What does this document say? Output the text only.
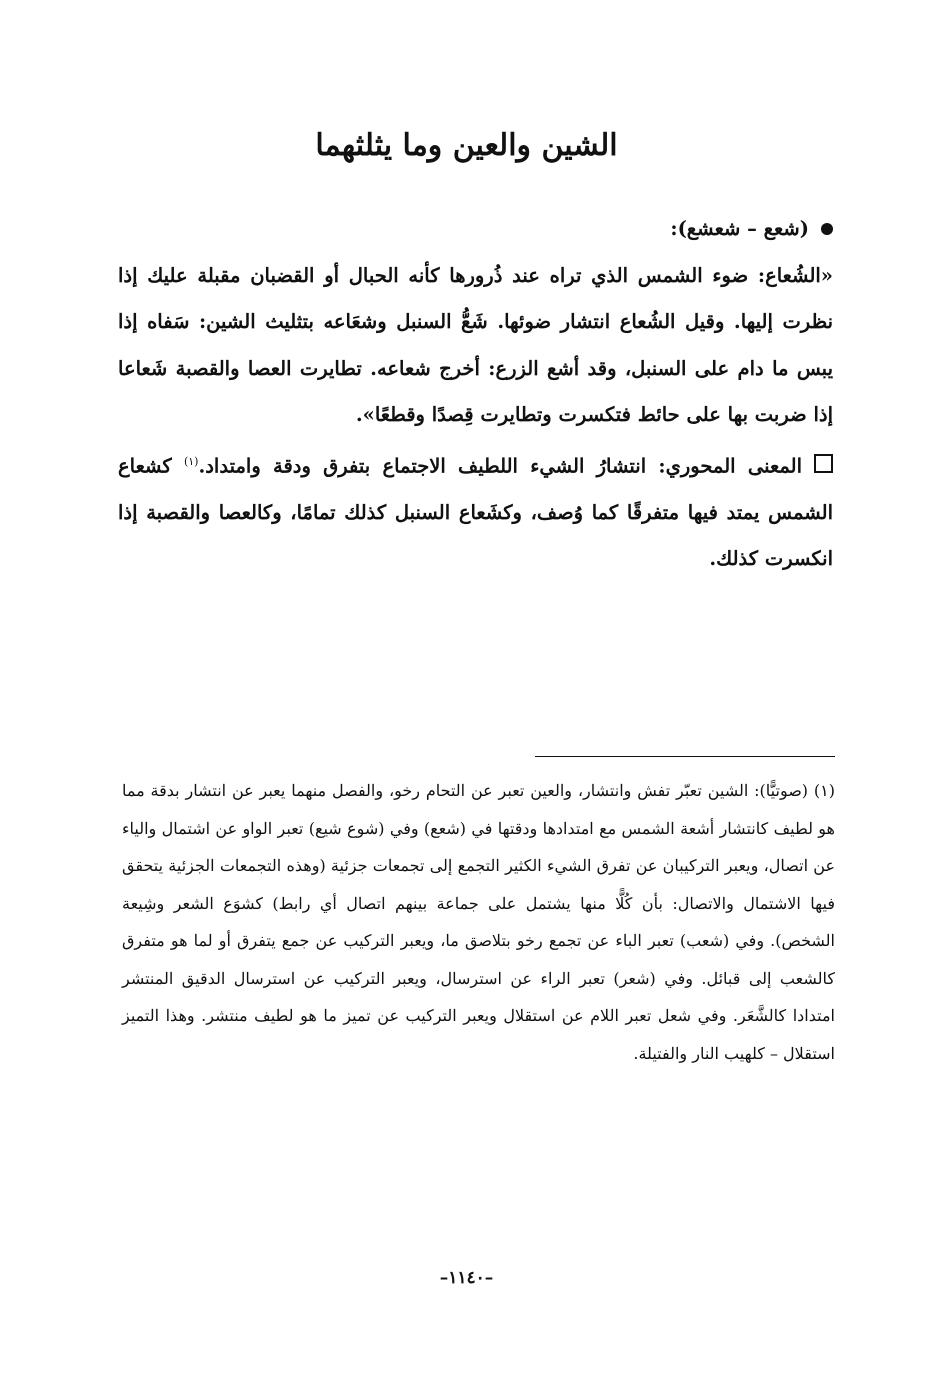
الشين والعين وما يثلثهما

(شعع – شعشع):

«الشُعاع: ضوء الشمس الذي تراه عند ذُرورها كأنه الحبال أو القضبان مقبلة عليك إذا نظرت إليها. وقيل الشُعاع انتشار ضوئها. شَعُّ السنبل وشعَاعه بتثليث الشين: سَفاه إذا يبس ما دام على السنبل، وقد أشع الزرع: أخرج شعاعه. تطايرت العصا والقصبة شَعاعا إذا ضربت بها على حائط فتكسرت وتطايرت قِصدًا وقطعًا».

المعنى المحوري: انتشارُ الشيء اللطيف الاجتماع بتفرق ودقة وامتداد.$^{(١)}$ كشعاع الشمس يمتد فيها متفرقًا كما وُصف، وكشَعاع السنبل كذلك تمامًا، وكالعصا والقصبة إذا انكسرت كذلك.

(١) (صوتيًّا): الشين تعبّر تفش وانتشار، والعين تعبر عن التحام رخو، والفصل منهما يعبر عن انتشار بدقة مما هو لطيف كانتشار أشعة الشمس مع امتدادها ودقتها في (شعع) وفي (شوع شيع) تعبر الواو عن اشتمال والياء عن اتصال، ويعبر التركيبان عن تفرق الشيء الكثير التجمع إلى تجمعات جزئية (وهذه التجمعات الجزئية يتحقق فيها الاشتمال والاتصال: بأن كُلًّا منها يشتمل على جماعة بينهم اتصال أي رابط) كشوَع الشعر وشِيعة الشخص). وفي (شعب) تعبر الباء عن تجمع رخو بتلاصق ما، ويعبر التركيب عن جمع يتفرق أو لما هو متفرق كالشعب إلى قبائل. وفي (شعر) تعبر الراء عن استرسال، ويعبر التركيب عن استرسال الدقيق المنتشر امتدادا كالشَّعَر. وفي شعل تعبر اللام عن استقلال ويعبر التركيب عن تميز ما هو لطيف منتشر. وهذا التميز استقلال – كلهيب النار والفتيلة.

–١١٤٠–
